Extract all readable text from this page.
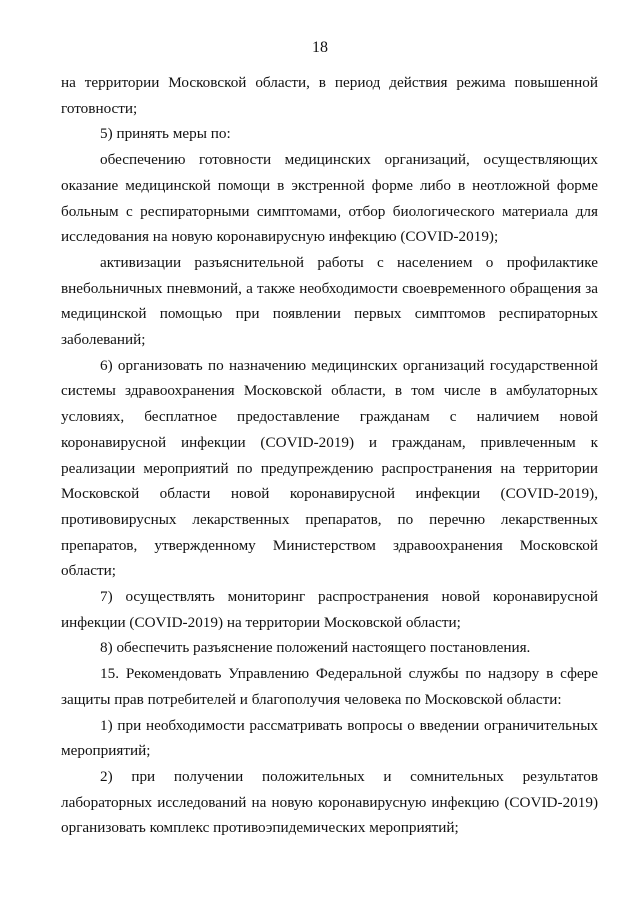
18

на территории Московской области, в период действия режима повышенной готовности;

5) принять меры по:

обеспечению готовности медицинских организаций, осуществляющих оказание медицинской помощи в экстренной форме либо в неотложной форме больным с респираторными симптомами, отбор биологического материала для исследования на новую коронавирусную инфекцию (COVID-2019);

активизации разъяснительной работы с населением о профилактике внебольничных пневмоний, а также необходимости своевременного обращения за медицинской помощью при появлении первых симптомов респираторных заболеваний;

6) организовать по назначению медицинских организаций государственной системы здравоохранения Московской области, в том числе в амбулаторных условиях, бесплатное предоставление гражданам с наличием новой коронавирусной инфекции (COVID-2019) и гражданам, привлеченным к реализации мероприятий по предупреждению распространения на территории Московской области новой коронавирусной инфекции (COVID-2019), противовирусных лекарственных препаратов, по перечню лекарственных препаратов, утвержденному Министерством здравоохранения Московской области;

7) осуществлять мониторинг распространения новой коронавирусной инфекции (COVID-2019) на территории Московской области;

8) обеспечить разъяснение положений настоящего постановления.

15. Рекомендовать Управлению Федеральной службы по надзору в сфере защиты прав потребителей и благополучия человека по Московской области:

1) при необходимости рассматривать вопросы о введении ограничительных мероприятий;

2) при получении положительных и сомнительных результатов лабораторных исследований на новую коронавирусную инфекцию (COVID-2019) организовать комплекс противоэпидемических мероприятий;
